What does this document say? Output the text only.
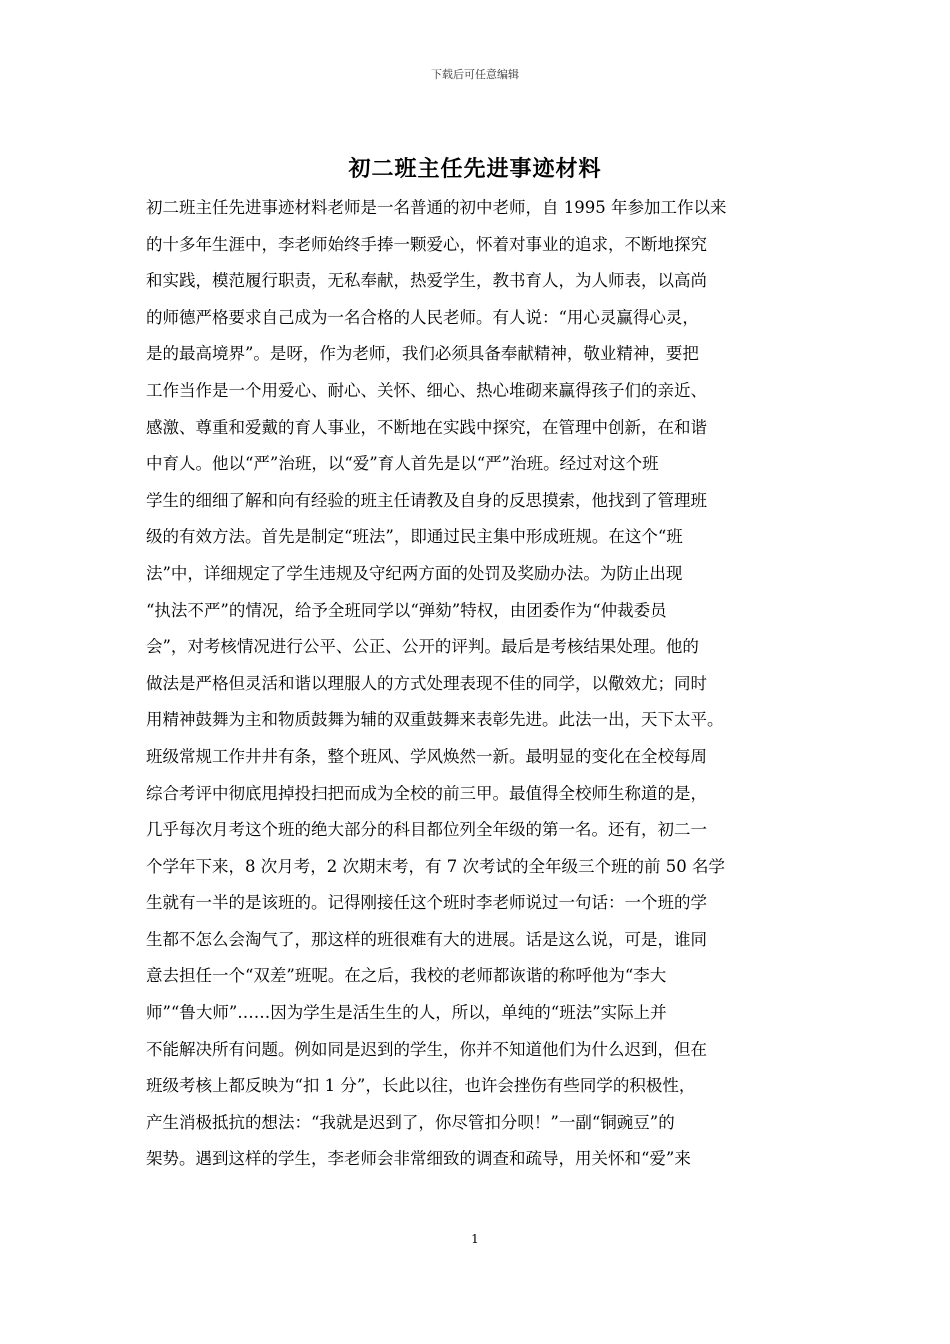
下载后可任意编辑
初二班主任先进事迹材料
初二班主任先进事迹材料老师是一名普通的初中老师，自 1995 年参加工作以来
的十多年生涯中，李老师始终手捧一颗爱心，怀着对事业的追求，不断地探究
和实践，模范履行职责，无私奉献，热爱学生，教书育人，为人师表，以高尚
的师德严格要求自己成为一名合格的人民老师。有人说：“用心灵赢得心灵，
是的最高境界”。是呀，作为老师，我们必须具备奉献精神，敬业精神，要把
工作当作是一个用爱心、耐心、关怀、细心、热心堆砌来赢得孩子们的亲近、
感激、尊重和爱戴的育人事业，不断地在实践中探究，在管理中创新，在和谐
中育人。他以“严”治班，以“爱”育人首先是以“严”治班。经过对这个班
学生的细细了解和向有经验的班主任请教及自身的反思摸索，他找到了管理班
级的有效方法。首先是制定“班法”，即通过民主集中形成班规。在这个“班
法”中，详细规定了学生违规及守纪两方面的处罚及奖励办法。为防止出现
“执法不严”的情况，给予全班同学以“弹劾”特权，由团委作为“仲裁委员
会”，对考核情况进行公平、公正、公开的评判。最后是考核结果处理。他的
做法是严格但灵活和谐以理服人的方式处理表现不佳的同学，以儆效尤；同时
用精神鼓舞为主和物质鼓舞为辅的双重鼓舞来表彰先进。此法一出，天下太平。
班级常规工作井井有条，整个班风、学风焕然一新。最明显的变化在全校每周
综合考评中彻底甩掉投扫把而成为全校的前三甲。最值得全校师生称道的是，
几乎每次月考这个班的绝大部分的科目都位列全年级的第一名。还有，初二一
个学年下来，8 次月考，2 次期末考，有 7 次考试的全年级三个班的前 50 名学
生就有一半的是该班的。记得刚接任这个班时李老师说过一句话：一个班的学
生都不怎么会淘气了，那这样的班很难有大的进展。话是这么说，可是，谁同
意去担任一个“双差”班呢。在之后，我校的老师都诙谐的称呼他为“李大
师”“鲁大师”……因为学生是活生生的人，所以，单纯的“班法”实际上并
不能解决所有问题。例如同是迟到的学生，你并不知道他们为什么迟到，但在
班级考核上都反映为“扣 1 分”，长此以往，也许会挫伤有些同学的积极性，
产生消极抵抗的想法：“我就是迟到了，你尽管扣分呗！”一副“铜豌豆”的
架势。遇到这样的学生，李老师会非常细致的调查和疏导，用关怀和“爱”来
1
